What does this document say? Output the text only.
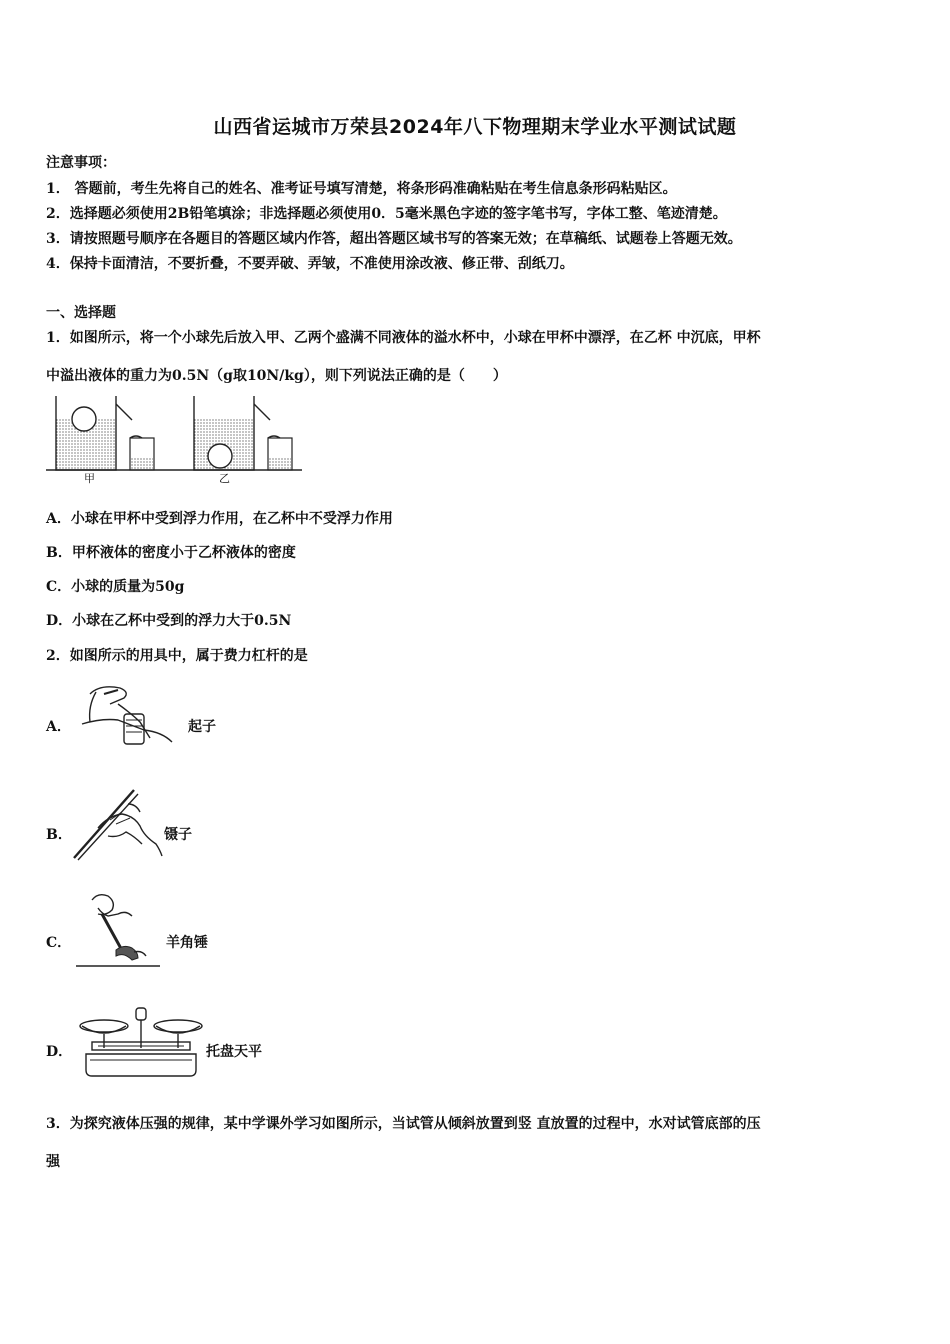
山西省运城市万荣县2024年八下物理期末学业水平测试试题
注意事项：
1． 答题前，考生先将自己的姓名、准考证号填写清楚，将条形码准确粘贴在考生信息条形码粘贴区。
2．选择题必须使用2B铅笔填涂；非选择题必须使用0．5毫米黑色字迹的签字笔书写，字体工整、笔迹清楚。
3．请按照题号顺序在各题目的答题区域内作答，超出答题区域书写的答案无效；在草稿纸、试题卷上答题无效。
4．保持卡面清洁，不要折叠，不要弄破、弄皱，不准使用涂改液、修正带、刮纸刀。
一、选择题
1．如图所示，将一个小球先后放入甲、乙两个盛满不同液体的溢水杯中，小球在甲杯中漂浮，在乙杯 中沉底，甲杯
中溢出液体的重力为0.5N（g取10N/kg），则下列说法正确的是（　　）
甲	乙
A．小球在甲杯中受到浮力作用，在乙杯中不受浮力作用
B．甲杯液体的密度小于乙杯液体的密度
C．小球的质量为50g
D．小球在乙杯中受到的浮力大于0.5N
2．如图所示的用具中，属于费力杠杆的是
A．	起子
B．	镊子
C．	羊角锤
D．	托盘天平
3．为探究液体压强的规律，某中学课外学习如图所示，当试管从倾斜放置到竖 直放置的过程中，水对试管底部的压
强
